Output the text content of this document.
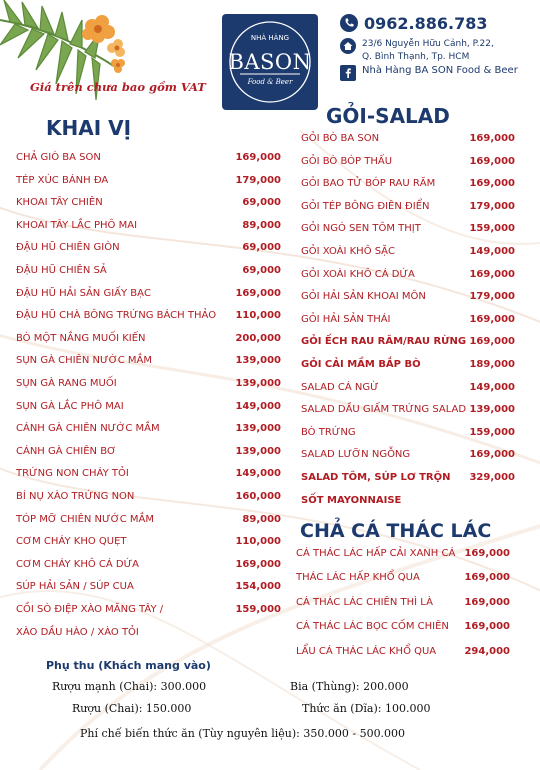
NHÀ HÀNG
BASON
Food & Beer
0962.886.783
23/6 Nguyễn Hữu Cảnh, P.22,
Q. Bình Thạnh, Tp. HCM
Nhà Hàng BA SON Food & Beer
Giá trên chưa bao gồm VAT
KHAI VỊ	GỎI-SALAD
CHẢ CÁ THÁC LÁC
CHẢ GIÒ BA SON	169,000
TÉP XÚC BÁNH ĐA	179,000
KHOAI TÂY CHIÊN	69,000
KHOAI TÂY LẮC PHÔ MAI	89,000
ĐẬU HŨ CHIÊN GIÒN	69,000
ĐẬU HŨ CHIÊN SẢ	69,000
ĐẬU HŨ HẢI SẢN GIẤY BẠC	169,000
ĐẬU HŨ CHÀ BÔNG TRỨNG BÁCH THẢO 110,000
BÒ MỘT NẮNG MUỐI KIẾN	200,000
SỤN GÀ CHIÊN NƯỚC MẮM	139,000
SỤN GÀ RANG MUỐI	139,000
SỤN GÀ LẮC PHÔ MAI	149,000
CÁNH GÀ CHIÊN NƯỚC MẮM	139,000
CÁNH GÀ CHIÊN BƠ	139,000
TRỨNG NON CHÁY TỎI	149,000
BÍ NỤ XÀO TRỨNG NON	160,000
TÓP MỠ CHIÊN NƯỚC MẮM	89,000
CƠM CHÁY KHO QUẸT	110,000
CƠM CHÁY KHÔ CÁ DỨA	169,000
SÚP HẢI SẢN / SÚP CUA	154,000
CỒI SÒ ĐIỆP XÀO MĂNG TÂY /	159,000
XÀO DẦU HÀO / XÀO TỎI
GỎI BÒ BA SON	169,000
GỎI BÒ BÓP THẤU	169,000
GỎI BAO TỬ BÓP RAU RĂM	169,000
GỎI TÉP BÔNG ĐIÊN ĐIỂN	179,000
GỎI NGÓ SEN TÔM THỊT	159,000
GỎI XOÀI KHÔ SẶC	149,000
GỎI XOÀI KHÔ CÁ DỨA	169,000
GỎI HẢI SẢN KHOAI MÔN	179,000
GỎI HẢI SẢN THÁI	169,000
GỎI ẾCH RAU RĂM/RAU RỪNG 169,000
GỎI CẢI MẦM BẮP BÒ	189,000
SALAD CÁ NGỪ	149,000
SALAD DẦU GIẤM TRỨNG SALAD 139,000
BÒ TRỨNG	159,000
SALAD LƯỠN NGỖNG	169,000
SALAD TÔM, SÚP LƠ TRỘN 329,000
SỐT MAYONNAISE
CÁ THÁC LÁC HẤP CẢI XANH CÁ 169,000
THÁC LÁC HẤP KHỔ QUA	169,000
CÁ THÁC LÁC CHIÊN THÌ LÀ	169,000
CÁ THÁC LÁC BỌC CỐM CHIÊN 169,000
LẨU CÁ THÁC LÁC KHỔ QUA	294,000
Phụ thu (Khách mang vào)
Rượu mạnh (Chai): 300.000	Bia (Thùng): 200.000
Rượu (Chai): 150.000	Thức ăn (Dĩa): 100.000
Phí chế biến thức ăn (Tùy nguyên liệu): 350.000 - 500.000
